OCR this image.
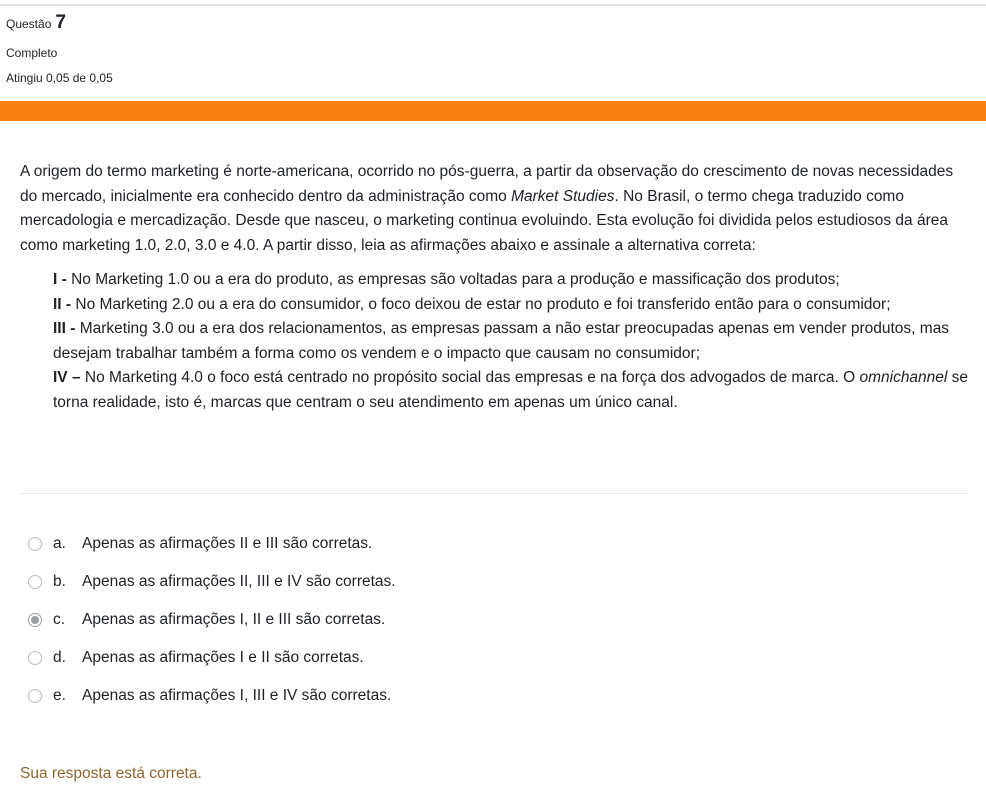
Questão 7
Completo
Atingiu 0,05 de 0,05

A origem do termo marketing é norte-americana, ocorrido no pós-guerra, a partir da observação do crescimento de novas necessidades do mercado, inicialmente era conhecido dentro da administração como Market Studies. No Brasil, o termo chega traduzido como mercadologia e mercadização. Desde que nasceu, o marketing continua evoluindo. Esta evolução foi dividida pelos estudiosos da área como marketing 1.0, 2.0, 3.0 e 4.0. A partir disso, leia as afirmações abaixo e assinale a alternativa correta:

I - No Marketing 1.0 ou a era do produto, as empresas são voltadas para a produção e massificação dos produtos;

II - No Marketing 2.0 ou a era do consumidor, o foco deixou de estar no produto e foi transferido então para o consumidor;

III - Marketing 3.0 ou a era dos relacionamentos, as empresas passam a não estar preocupadas apenas em vender produtos, mas desejam trabalhar também a forma como os vendem e o impacto que causam no consumidor;

IV – No Marketing 4.0 o foco está centrado no propósito social das empresas e na força dos advogados de marca. O omnichannel se torna realidade, isto é, marcas que centram o seu atendimento em apenas um único canal.

a.	Apenas as afirmações II e III são corretas.
b.	Apenas as afirmações II, III e IV são corretas.
c.	Apenas as afirmações I, II e III são corretas.
d.	Apenas as afirmações I e II são corretas.
e.	Apenas as afirmações I, III e IV são corretas.
Sua resposta está correta.
